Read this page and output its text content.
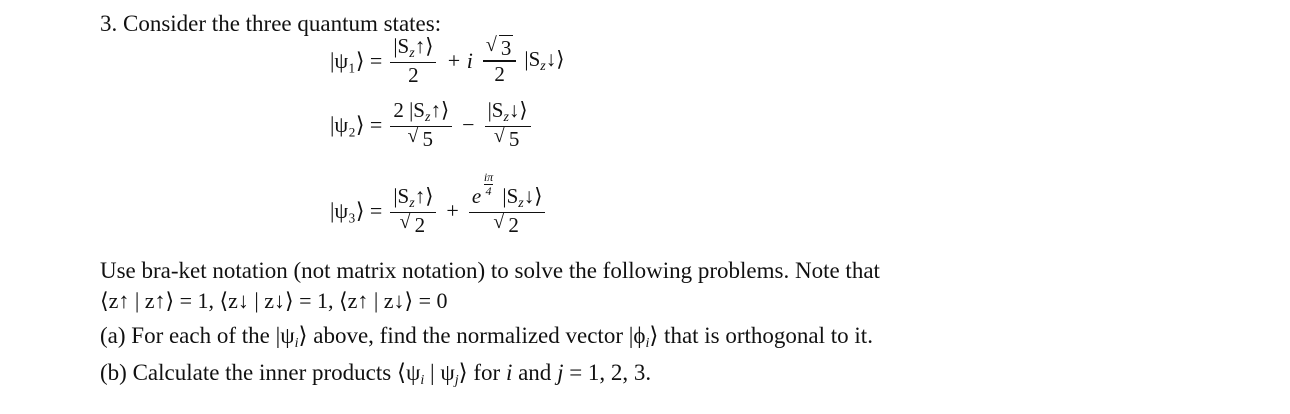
3. Consider the three quantum states:
|ψ₁⟩ = $\frac{|S_z↑⟩}{2} + i \frac{√ 3}{2}$ $|S_z↓⟩$
|ψ₂⟩ = $\frac{2 |S_z↑⟩}{√ 5} - \frac{|S_z↓⟩}{√ 5}$
|ψ₃⟩ = $\frac{|S_z↑⟩}{√ 2} + e$
iπ
4 $|S_z↓⟩$
√ 2
Use bra-ket notation (not matrix notation) to solve the following problems. Note that
⟨z↑ | z↑⟩ = 1, ⟨z↓ | z↓⟩ = 1, ⟨z↑ | z↓⟩ = 0
(a) For each of the $|\psi_i⟩$ above, find the normalized vector $|\phi_i⟩$ that is orthogonal to it.
(b) Calculate the inner products $⟨\psi_i$ | $\psi_j⟩$ for i and j = 1, 2, 3.
